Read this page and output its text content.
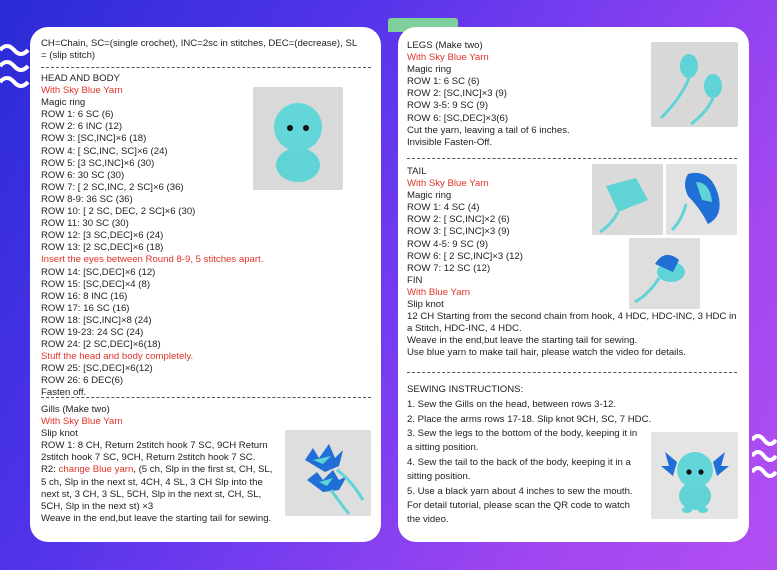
CH=Chain, SC=(single crochet), INC=2sc in stitches, DEC=(decrease), SL = (slip stitch)
HEAD AND BODY
With Sky Blue Yarn
Magic ring
ROW 1: 6 SC (6)
ROW 2: 6 INC (12)
ROW 3: [SC,INC]×6 (18)
ROW 4: [ SC,INC, SC]×6 (24)
ROW 5: [3 SC,INC]×6 (30)
ROW 6: 30 SC (30)
ROW 7: [ 2 SC,INC, 2 SC]×6 (36)
ROW 8-9: 36 SC (36)
ROW 10: [ 2 SC, DEC, 2 SC]×6 (30)
ROW 11: 30 SC (30)
ROW 12: [3 SC,DEC]×6 (24)
ROW 13: [2 SC,DEC]×6 (18)
Insert the eyes between Round 8-9, 5 stitches apart.
ROW 14: [SC,DEC]×6 (12)
ROW 15: [SC,DEC]×4 (8)
ROW 16: 8 INC (16)
ROW 17: 16 SC (16)
ROW 18: [SC,INC]×8 (24)
ROW 19-23: 24 SC (24)
ROW 24: [2 SC,DEC]×6(18)
Stuff the head and body completely.
ROW 25: [SC,DEC]×6(12)
ROW 26: 6 DEC(6)
Fasten off.
Gills (Make two)
With Sky Blue Yarn
Slip knot
ROW 1: 8 CH, Return 2stitch hook 7 SC, 9CH Return 2stitch hook 7 SC, 9CH, Return 2stitch hook 7 SC.
R2: change Blue yarn, (5 ch, Slp in the first st, CH, SL, 5 ch, Slp in the next st, 4CH, 4 SL, 3 CH Slp into the next st, 3 CH, 3 SL, 5CH, Slp in the next st, CH, SL, 5CH, Slp in the next st) ×3
Weave in the end,but leave the starting tail for sewing.
LEGS (Make two)
With Sky Blue Yarn
Magic ring
ROW 1: 6 SC (6)
ROW 2: [SC,INC]×3 (9)
ROW 3-5: 9 SC (9)
ROW 6: [SC,DEC]×3(6)
Cut the yarn, leaving a tail of 6 inches.
Invisible Fasten-Off.
TAIL
With Sky Blue Yarn
Magic ring
ROW 1: 4 SC (4)
ROW 2: [ SC,INC]×2 (6)
ROW 3: [ SC,INC]×3 (9)
ROW 4-5: 9 SC (9)
ROW 6: [ 2 SC,INC]×3 (12)
ROW 7: 12 SC (12)
FIN
With Blue Yarn
Slip knot
12 CH Starting from the second chain from hook, 4 HDC, HDC-INC, 3 HDC in a Stitch, HDC-INC, 4 HDC.
Weave in the end,but leave the starting tail for sewing.
Use blue yarn to make tail hair, please watch the video for details.
SEWING INSTRUCTIONS:
1. Sew the Gills on the head, between rows 3-12.
2. Place the arms rows 17-18. Slip knot 9CH, SC, 7 HDC.
3. Sew the legs to the bottom of the body, keeping it in a sitting position.
4. Sew the tail to the back of the body, keeping it in a sitting position.
5. Use a black yarn about 4 inches to sew the mouth. For detail tutorial, please scan the QR code to watch the video.
